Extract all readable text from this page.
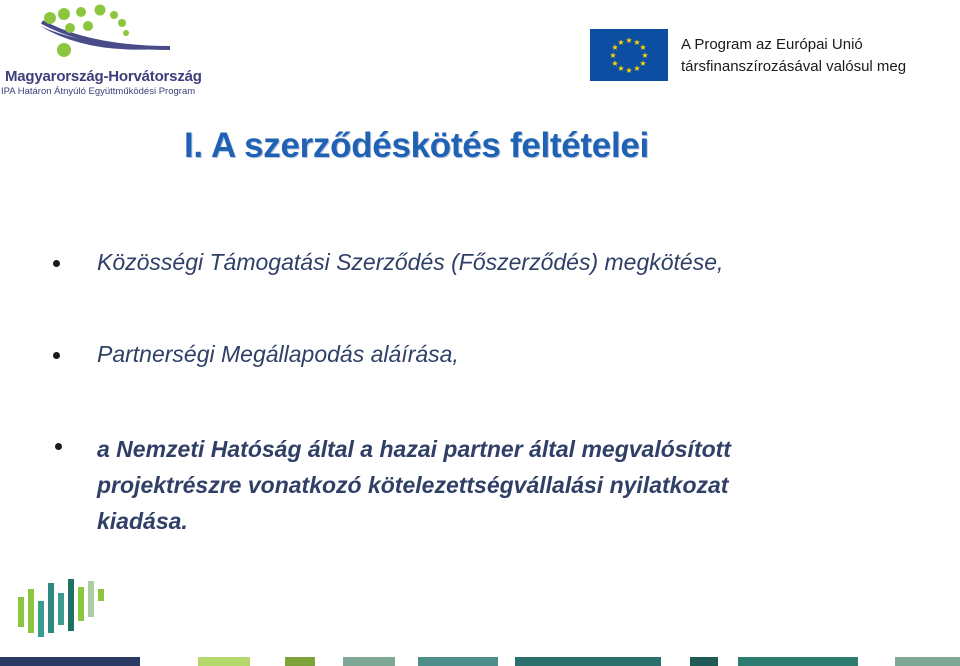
Magyarország-Horvátország

IPA Határon Átnyúló Együttműködési Program

★ ★
★
★
★
★
★
★
★
★
★
★	A Program az Európai Unió

társfinanszírozásával valósul meg

I. A szerződéskötés feltételei

Közösségi Támogatási Szerződés (Főszerződés) megkötése,

Partnerségi Megállapodás aláírása,

a Nemzeti Hatóság által a hazai partner által megvalósított
projektrészre vonatkozó kötelezettségvállalási nyilatkozat
kiadása.
